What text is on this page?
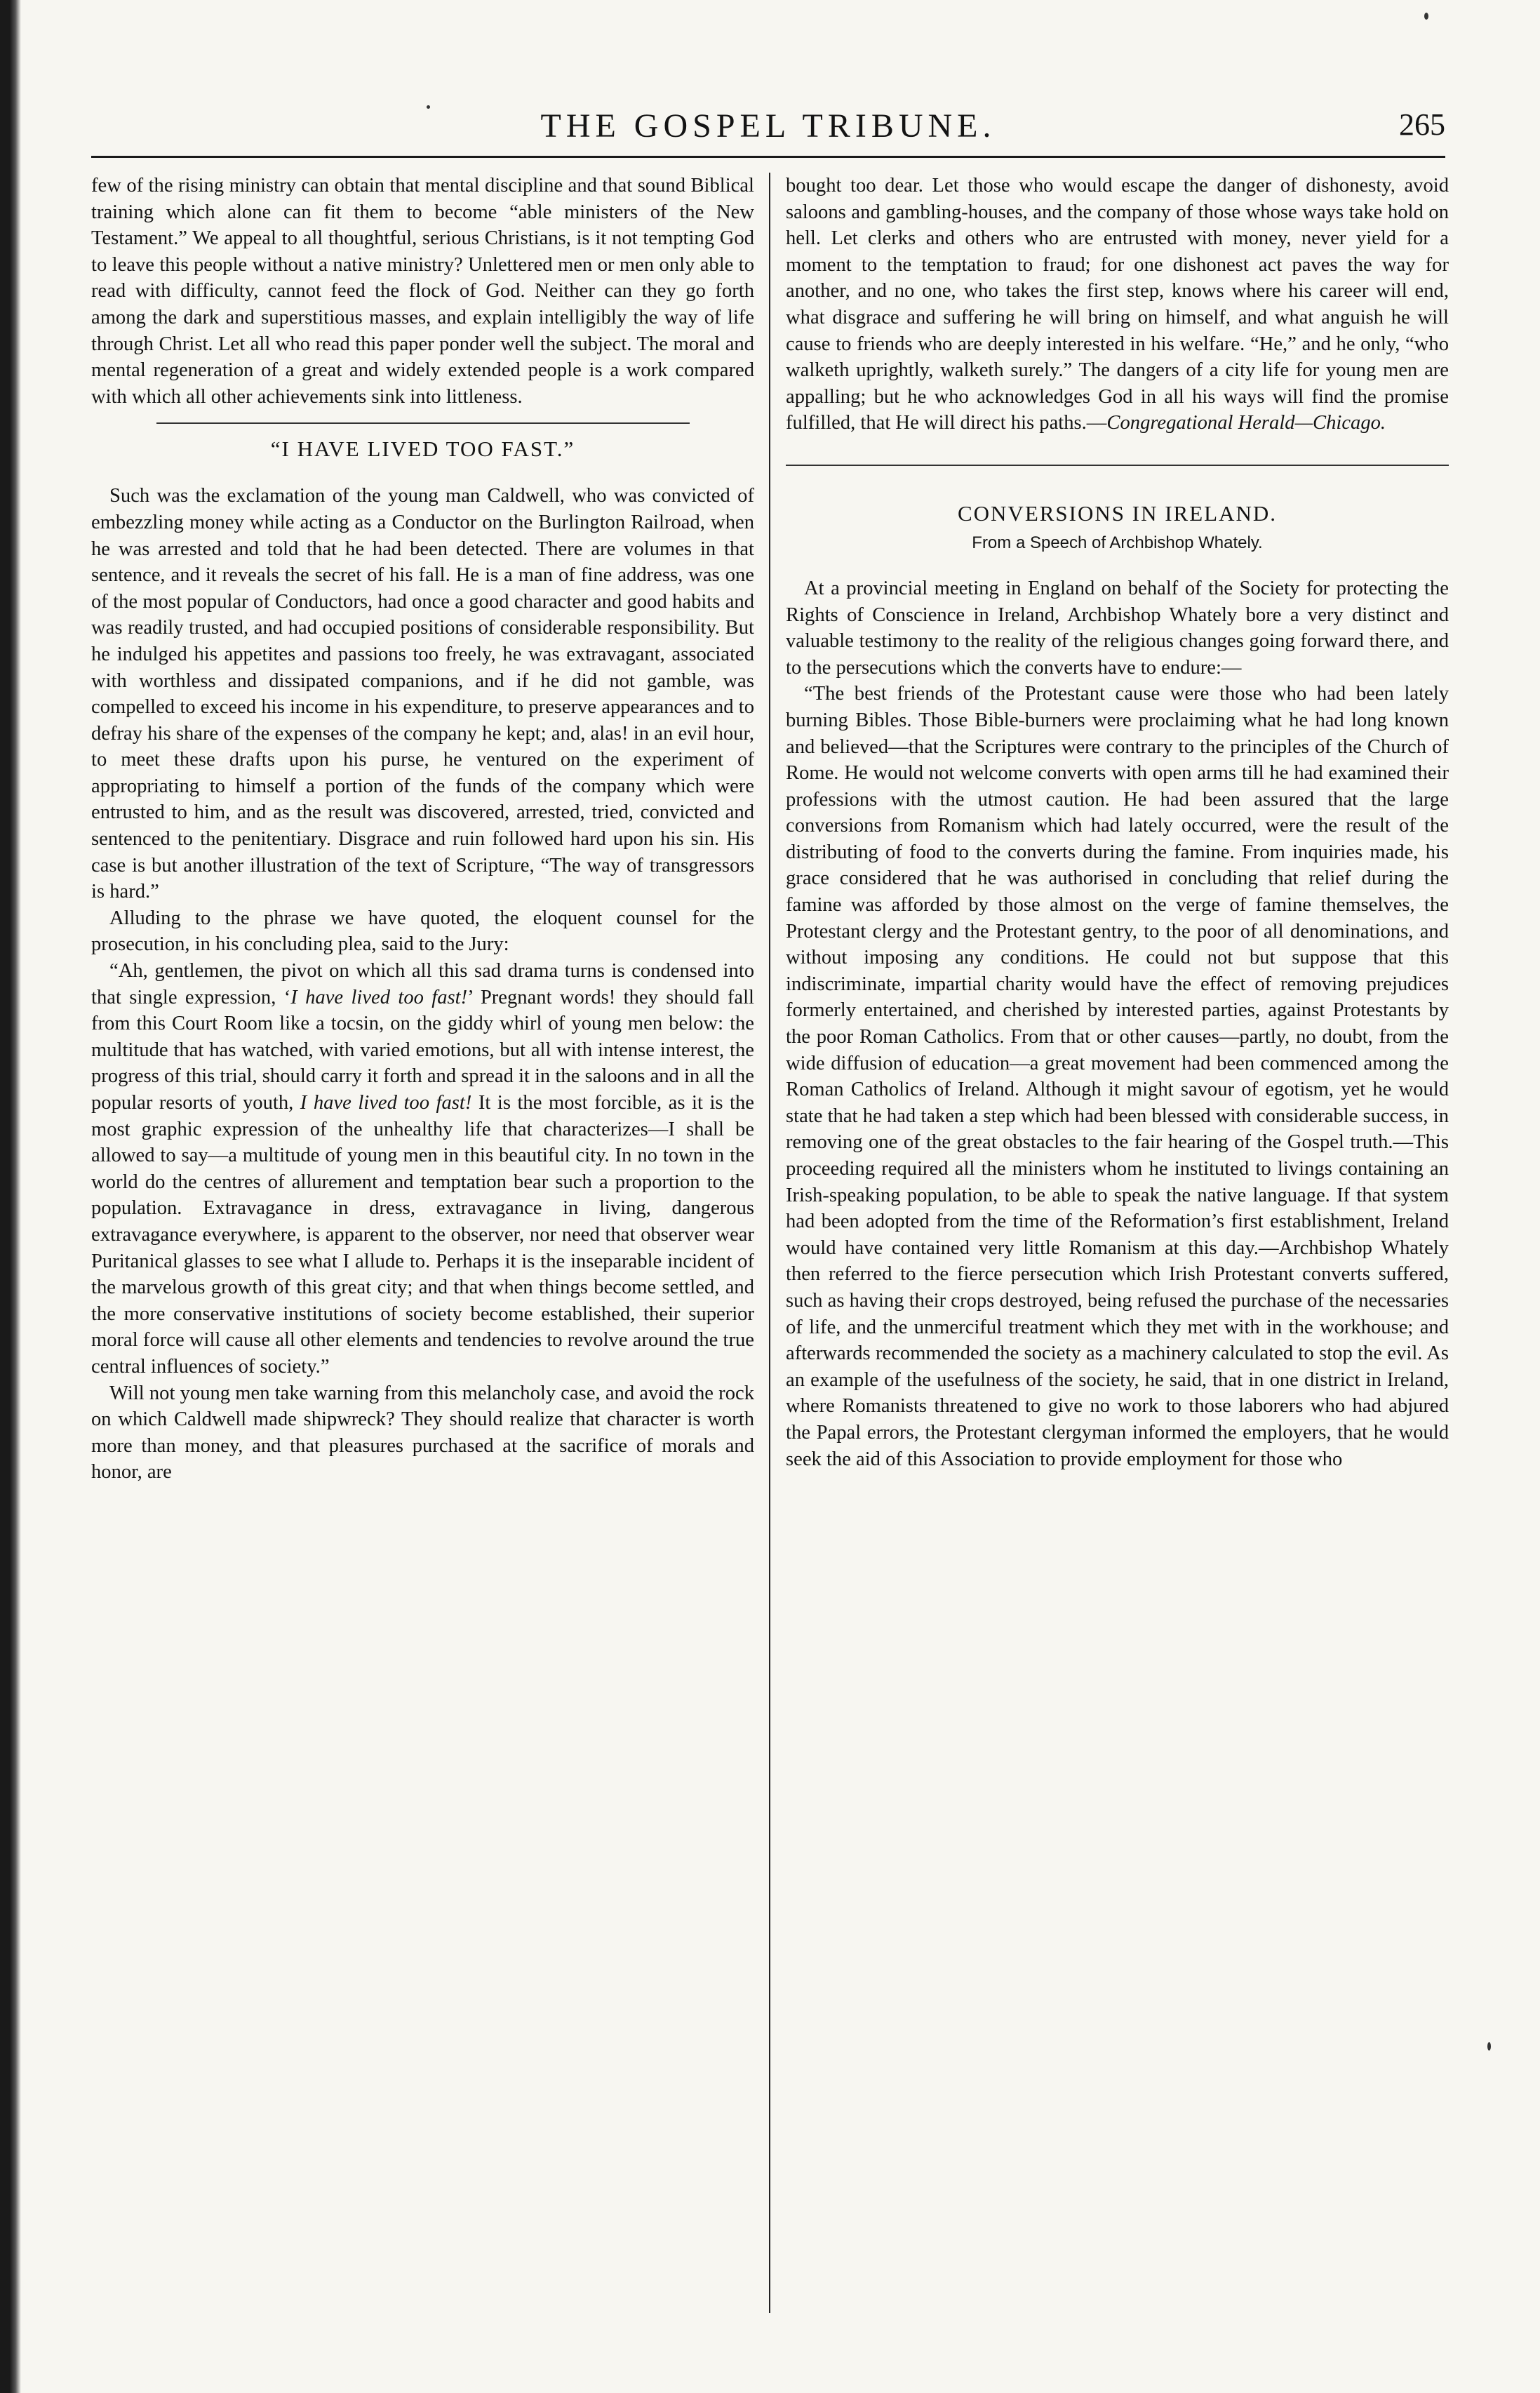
THE GOSPEL TRIBUNE.	265

few of the rising ministry can obtain that mental discipline and that sound Biblical training which alone can fit them to become “able ministers of the New Testament.” We appeal to all thoughtful, serious Christians, is it not tempting God to leave this people without a native ministry? Unlettered men or men only able to read with difficulty, cannot feed the flock of God. Neither can they go forth among the dark and superstitious masses, and explain intelligibly the way of life through Christ. Let all who read this paper ponder well the subject. The moral and mental regeneration of a great and widely extended people is a work compared with which all other achievements sink into littleness.

“I HAVE LIVED TOO FAST.”

Such was the exclamation of the young man Caldwell, who was convicted of embezzling money while acting as a Conductor on the Burlington Railroad, when he was arrested and told that he had been detected. There are volumes in that sentence, and it reveals the secret of his fall. He is a man of fine address, was one of the most popular of Conductors, had once a good character and good habits and was readily trusted, and had occupied positions of considerable responsibility. But he indulged his appetites and passions too freely, he was extravagant, associated with worthless and dissipated companions, and if he did not gamble, was compelled to exceed his income in his expenditure, to preserve appearances and to defray his share of the expenses of the company he kept; and, alas! in an evil hour, to meet these drafts upon his purse, he ventured on the experiment of appropriating to himself a portion of the funds of the company which were entrusted to him, and as the result was discovered, arrested, tried, convicted and sentenced to the penitentiary. Disgrace and ruin followed hard upon his sin. His case is but another illustration of the text of Scripture, “The way of transgressors is hard.”

Alluding to the phrase we have quoted, the eloquent counsel for the prosecution, in his concluding plea, said to the Jury:

“Ah, gentlemen, the pivot on which all this sad drama turns is condensed into that single expression, ‘I have lived too fast!’ Pregnant words! they should fall from this Court Room like a tocsin, on the giddy whirl of young men below: the multitude that has watched, with varied emotions, but all with intense interest, the progress of this trial, should carry it forth and spread it in the saloons and in all the popular resorts of youth, I have lived too fast! It is the most forcible, as it is the most graphic expression of the unhealthy life that characterizes—I shall be allowed to say—a multitude of young men in this beautiful city. In no town in the world do the centres of allurement and temptation bear such a proportion to the population. Extravagance in dress, extravagance in living, dangerous extravagance everywhere, is apparent to the observer, nor need that observer wear Puritanical glasses to see what I allude to. Perhaps it is the inseparable incident of the marvelous growth of this great city; and that when things become settled, and the more conservative institutions of society become established, their superior moral force will cause all other elements and tendencies to revolve around the true central influences of society.”

Will not young men take warning from this melancholy case, and avoid the rock on which Caldwell made shipwreck? They should realize that character is worth more than money, and that pleasures purchased at the sacrifice of morals and honor, are

bought too dear. Let those who would escape the danger of dishonesty, avoid saloons and gambling-houses, and the company of those whose ways take hold on hell. Let clerks and others who are entrusted with money, never yield for a moment to the temptation to fraud; for one dishonest act paves the way for another, and no one, who takes the first step, knows where his career will end, what disgrace and suffering he will bring on himself, and what anguish he will cause to friends who are deeply interested in his welfare. “He,” and he only, “who walketh uprightly, walketh surely.” The dangers of a city life for young men are appalling; but he who acknowledges God in all his ways will find the promise fulfilled, that He will direct his paths.—Congregational Herald—Chicago.

CONVERSIONS IN IRELAND.
From a Speech of Archbishop Whately.

At a provincial meeting in England on behalf of the Society for protecting the Rights of Conscience in Ireland, Archbishop Whately bore a very distinct and valuable testimony to the reality of the religious changes going forward there, and to the persecutions which the converts have to endure:—

“The best friends of the Protestant cause were those who had been lately burning Bibles. Those Bible-burners were proclaiming what he had long known and believed—that the Scriptures were contrary to the principles of the Church of Rome. He would not welcome converts with open arms till he had examined their professions with the utmost caution. He had been assured that the large conversions from Romanism which had lately occurred, were the result of the distributing of food to the converts during the famine. From inquiries made, his grace considered that he was authorised in concluding that relief during the famine was afforded by those almost on the verge of famine themselves, the Protestant clergy and the Protestant gentry, to the poor of all denominations, and without imposing any conditions. He could not but suppose that this indiscriminate, impartial charity would have the effect of removing prejudices formerly entertained, and cherished by interested parties, against Protestants by the poor Roman Catholics. From that or other causes—partly, no doubt, from the wide diffusion of education—a great movement had been commenced among the Roman Catholics of Ireland. Although it might savour of egotism, yet he would state that he had taken a step which had been blessed with considerable success, in removing one of the great obstacles to the fair hearing of the Gospel truth.—This proceeding required all the ministers whom he instituted to livings containing an Irish-speaking population, to be able to speak the native language. If that system had been adopted from the time of the Reformation’s first establishment, Ireland would have contained very little Romanism at this day.—Archbishop Whately then referred to the fierce persecution which Irish Protestant converts suffered, such as having their crops destroyed, being refused the purchase of the necessaries of life, and the unmerciful treatment which they met with in the workhouse; and afterwards recommended the society as a machinery calculated to stop the evil. As an example of the usefulness of the society, he said, that in one district in Ireland, where Romanists threatened to give no work to those laborers who had abjured the Papal errors, the Protestant clergyman informed the employers, that he would seek the aid of this Association to provide employment for those who
